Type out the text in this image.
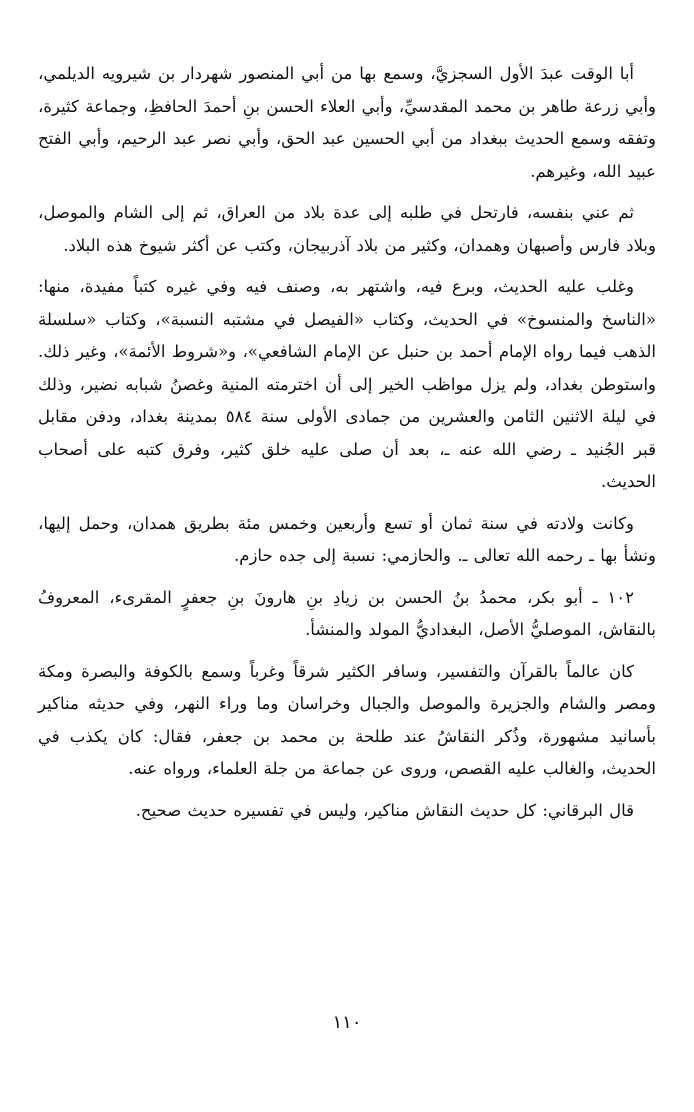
أبا الوقت عبدَ الأول السجزيَّ، وسمع بها من أبي المنصور شهردار بن شيرويه الديلمي، وأبي زرعة طاهر بن محمد المقدسيِّ، وأبي العلاء الحسن بنِ أحمدَ الحافظِ، وجماعة كثيرة، وتفقه وسمع الحديث ببغداد من أبي الحسين عبد الحق، وأبي نصر عبد الرحيم، وأبي الفتح عبيد الله، وغيرهم.

ثم عني بنفسه، فارتحل في طلبه إلى عدة بلاد من العراق، ثم إلى الشام والموصل، وبلاد فارس وأصبهان وهمدان، وكثير من بلاد آذربيجان، وكتب عن أكثر شيوخ هذه البلاد.

وغلب عليه الحديث، وبرع فيه، واشتهر به، وصنف فيه وفي غيره كتباً مفيدة، منها: «الناسخ والمنسوخ» في الحديث، وكتاب «الفيصل في مشتبه النسبة»، وكتاب «سلسلة الذهب فيما رواه الإمام أحمد بن حنبل عن الإمام الشافعي»، و«شروط الأئمة»، وغير ذلك. واستوطن بغداد، ولم يزل مواظب الخير إلى أن اخترمته المنية وغصنُ شبابه نضير، وذلك في ليلة الاثنين الثامن والعشرين من جمادى الأولى سنة ٥٨٤ بمدينة بغداد، ودفن مقابل قبر الجُنيد ـ رضي الله عنه ـ، بعد أن صلى عليه خلق كثير، وفرق كتبه على أصحاب الحديث.

وكانت ولادته في سنة ثمان أو تسع وأربعين وخمس مئة بطريق همدان، وحمل إليها، ونشأ بها ـ رحمه الله تعالى ـ. والحازمي: نسبة إلى جده حازم.

١٠٢ ـ أبو بكر، محمدُ بنُ الحسن بن زيادِ بنِ هارونَ بنِ جعفرٍ المقرىء، المعروفُ بالنقاش، الموصليُّ الأصل، البغداديُّ المولد والمنشأ.

كان عالماً بالقرآن والتفسير، وسافر الكثير شرقاً وغرباً وسمع بالكوفة والبصرة ومكة ومصر والشام والجزيرة والموصل والجبال وخراسان وما وراء النهر، وفي حديثه مناكير بأسانيد مشهورة، وذُكر النقاشُ عند طلحة بن محمد بن جعفر، فقال: كان يكذب في الحديث، والغالب عليه القصص، وروى عن جماعة من جلة العلماء، ورواه عنه.

قال البرقاني: كل حديث النقاش مناكير، وليس في تفسيره حديث صحيح.

١١٠
